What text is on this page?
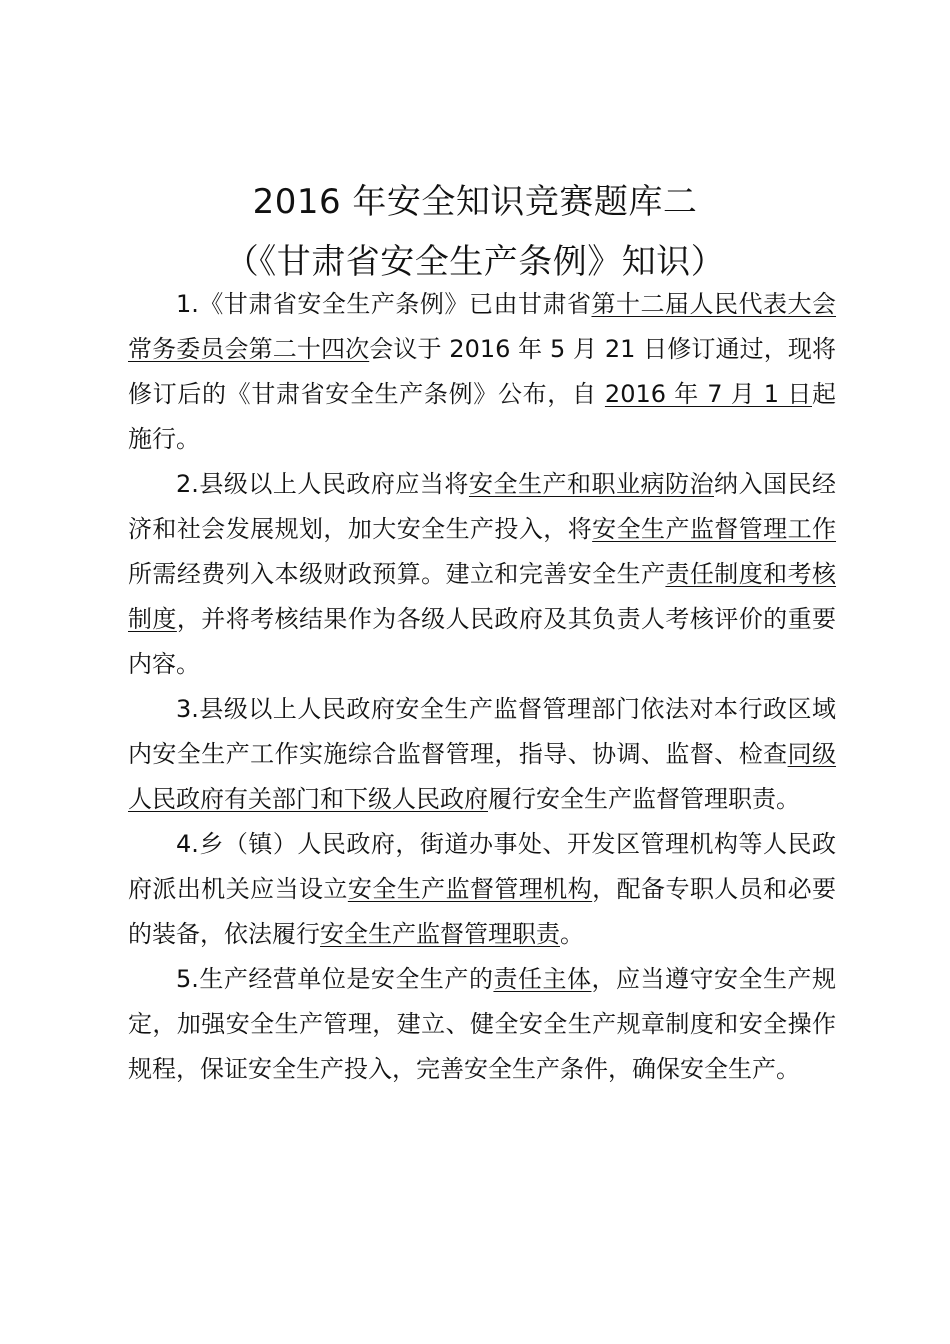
2016 年安全知识竞赛题库二
（《甘肃省安全生产条例》知识）

1.《甘肃省安全生产条例》已由甘肃省第十二届人民代表大会常务委员会第二十四次会议于 2016 年 5 月 21 日修订通过，现将修订后的《甘肃省安全生产条例》公布，自 2016 年 7 月 1 日起施行。

2.县级以上人民政府应当将安全生产和职业病防治纳入国民经济和社会发展规划，加大安全生产投入，将安全生产监督管理工作所需经费列入本级财政预算。建立和完善安全生产责任制度和考核制度，并将考核结果作为各级人民政府及其负责人考核评价的重要内容。

3.县级以上人民政府安全生产监督管理部门依法对本行政区域内安全生产工作实施综合监督管理，指导、协调、监督、检查同级人民政府有关部门和下级人民政府履行安全生产监督管理职责。

4.乡（镇）人民政府，街道办事处、开发区管理机构等人民政府派出机关应当设立安全生产监督管理机构，配备专职人员和必要的装备，依法履行安全生产监督管理职责。

5.生产经营单位是安全生产的责任主体，应当遵守安全生产规定，加强安全生产管理，建立、健全安全生产规章制度和安全操作规程，保证安全生产投入，完善安全生产条件，确保安全生产。
